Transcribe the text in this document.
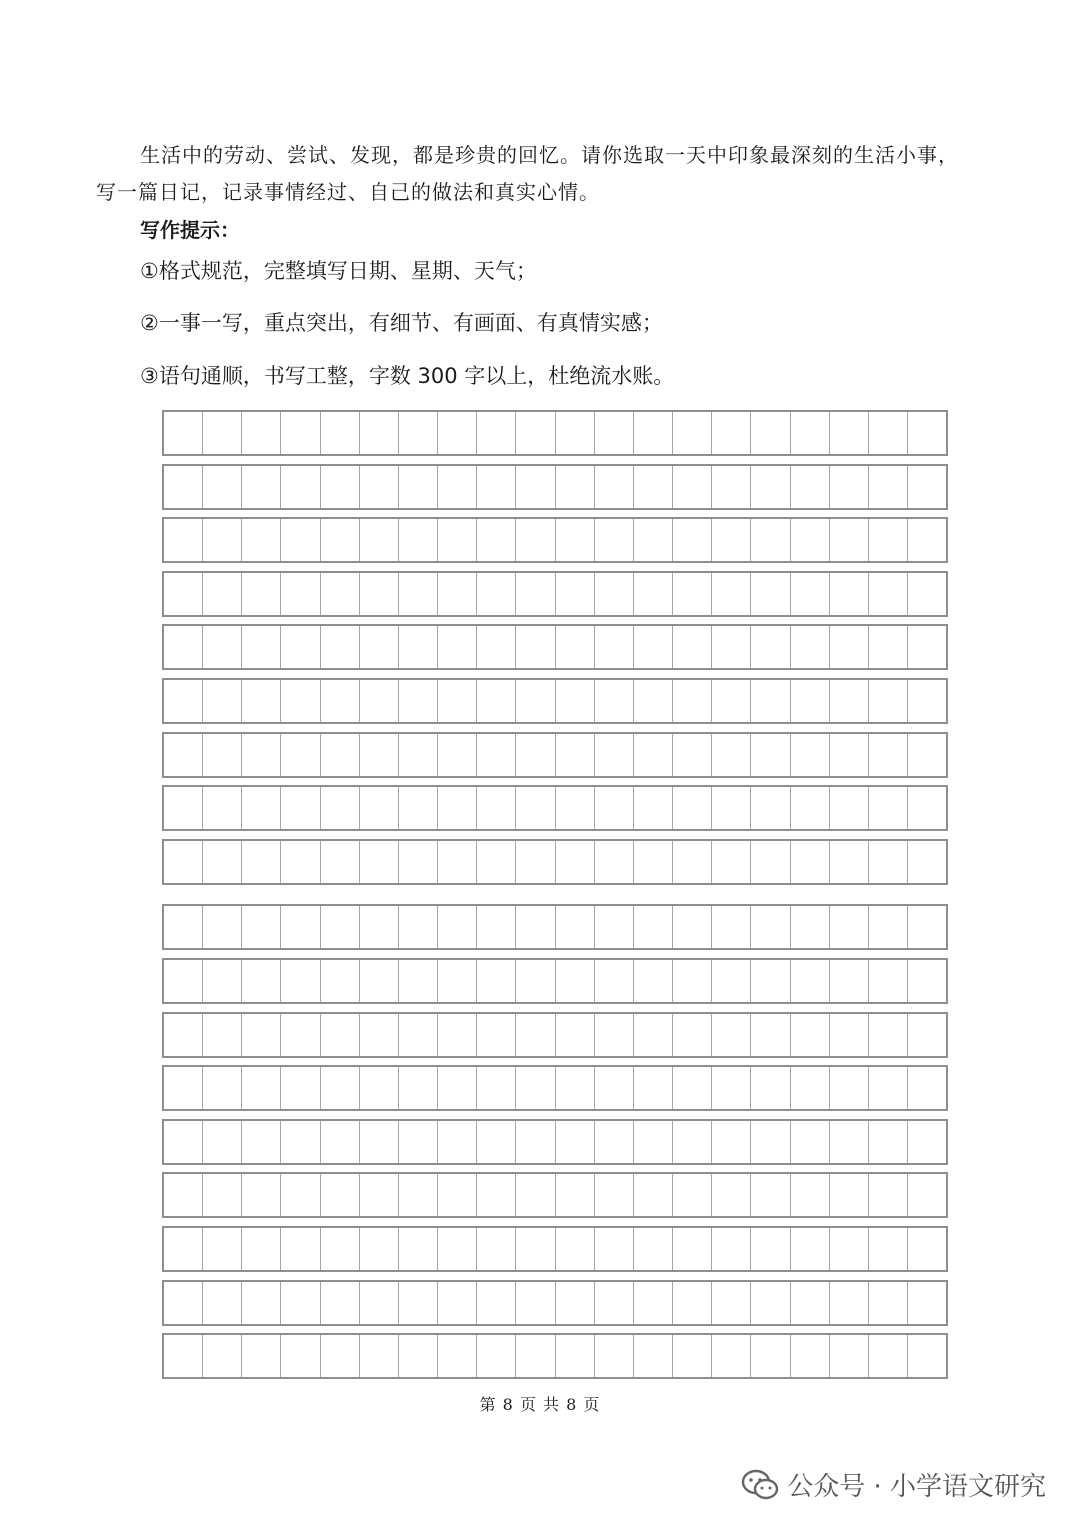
生活中的劳动、尝试、发现，都是珍贵的回忆。请你选取一天中印象最深刻的生活小事，

写一篇日记，记录事情经过、自己的做法和真实心情。

写作提示：

①格式规范，完整填写日期、星期、天气；

②一事一写，重点突出，有细节、有画面、有真情实感；

③语句通顺，书写工整，字数 300 字以上，杜绝流水账。

第 8 页 共 8 页

公众号 · 小学语文研究
